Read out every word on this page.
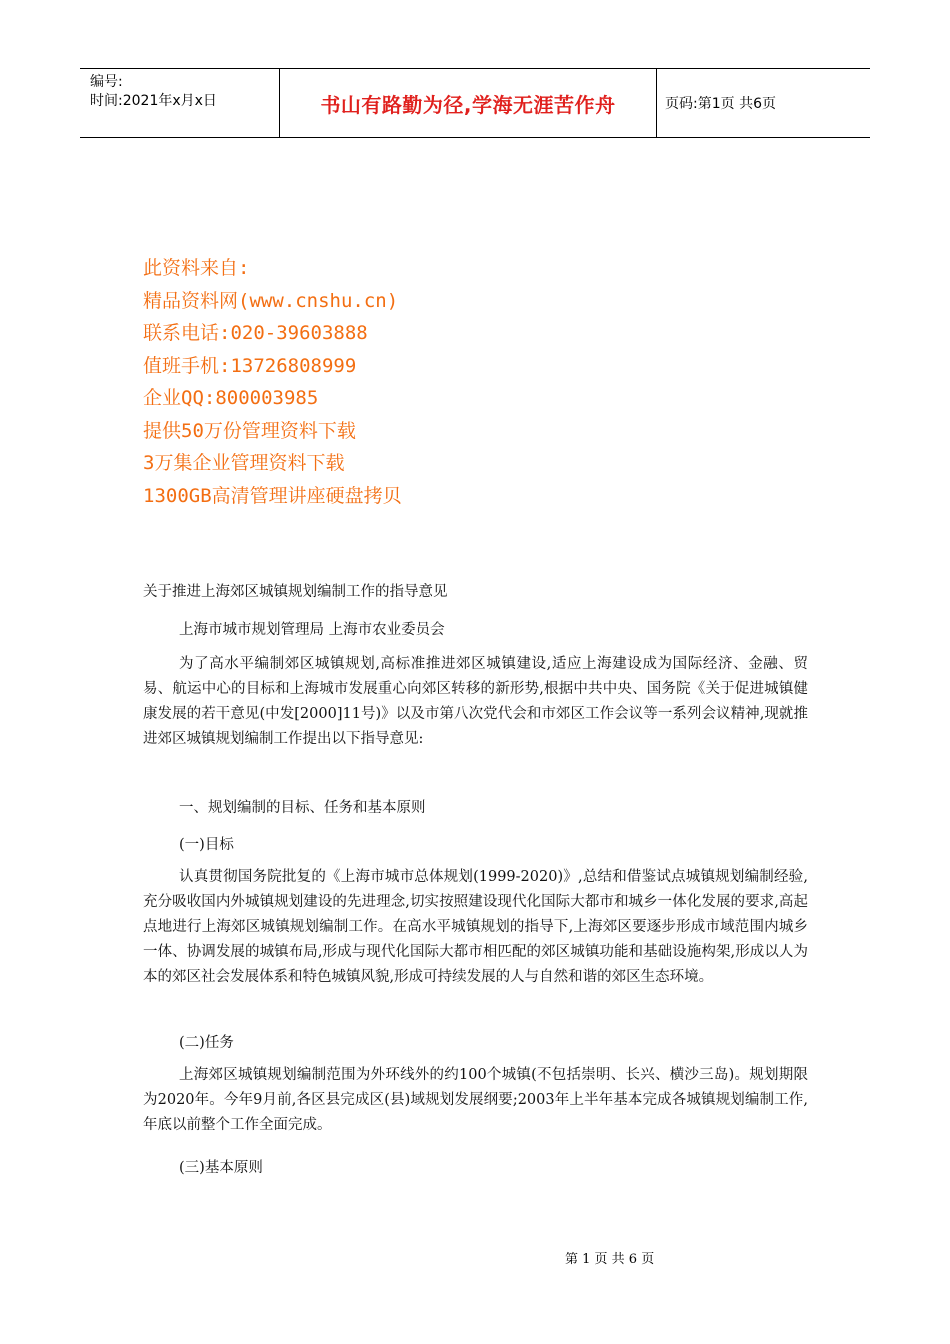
编号:
时间:2021年x月x日	书山有路勤为径,学海无涯苦作舟	页码:第1页 共6页
此资料来自:
精品资料网(www.cnshu.cn)
联系电话:020-39603888
值班手机:13726808999
企业QQ:800003985
提供50万份管理资料下载
3万集企业管理资料下载
1300GB高清管理讲座硬盘拷贝
关于推进上海郊区城镇规划编制工作的指导意见
上海市城市规划管理局 上海市农业委员会
为了高水平编制郊区城镇规划,高标准推进郊区城镇建设,适应上海建设成为国际经济、金融、贸易、航运中心的目标和上海城市发展重心向郊区转移的新形势,根据中共中央、国务院《关于促进城镇健康发展的若干意见(中发[2000]11号)》以及市第八次党代会和市郊区工作会议等一系列会议精神,现就推进郊区城镇规划编制工作提出以下指导意见:
一、规划编制的目标、任务和基本原则
(一)目标
认真贯彻国务院批复的《上海市城市总体规划(1999-2020)》,总结和借鉴试点城镇规划编制经验,充分吸收国内外城镇规划建设的先进理念,切实按照建设现代化国际大都市和城乡一体化发展的要求,高起点地进行上海郊区城镇规划编制工作。在高水平城镇规划的指导下,上海郊区要逐步形成市域范围内城乡一体、协调发展的城镇布局,形成与现代化国际大都市相匹配的郊区城镇功能和基础设施构架,形成以人为本的郊区社会发展体系和特色城镇风貌,形成可持续发展的人与自然和谐的郊区生态环境。
(二)任务
上海郊区城镇规划编制范围为外环线外的约100个城镇(不包括崇明、长兴、横沙三岛)。规划期限为2020年。今年9月前,各区县完成区(县)域规划发展纲要;2003年上半年基本完成各城镇规划编制工作,年底以前整个工作全面完成。
(三)基本原则
第 1 页 共 6 页
